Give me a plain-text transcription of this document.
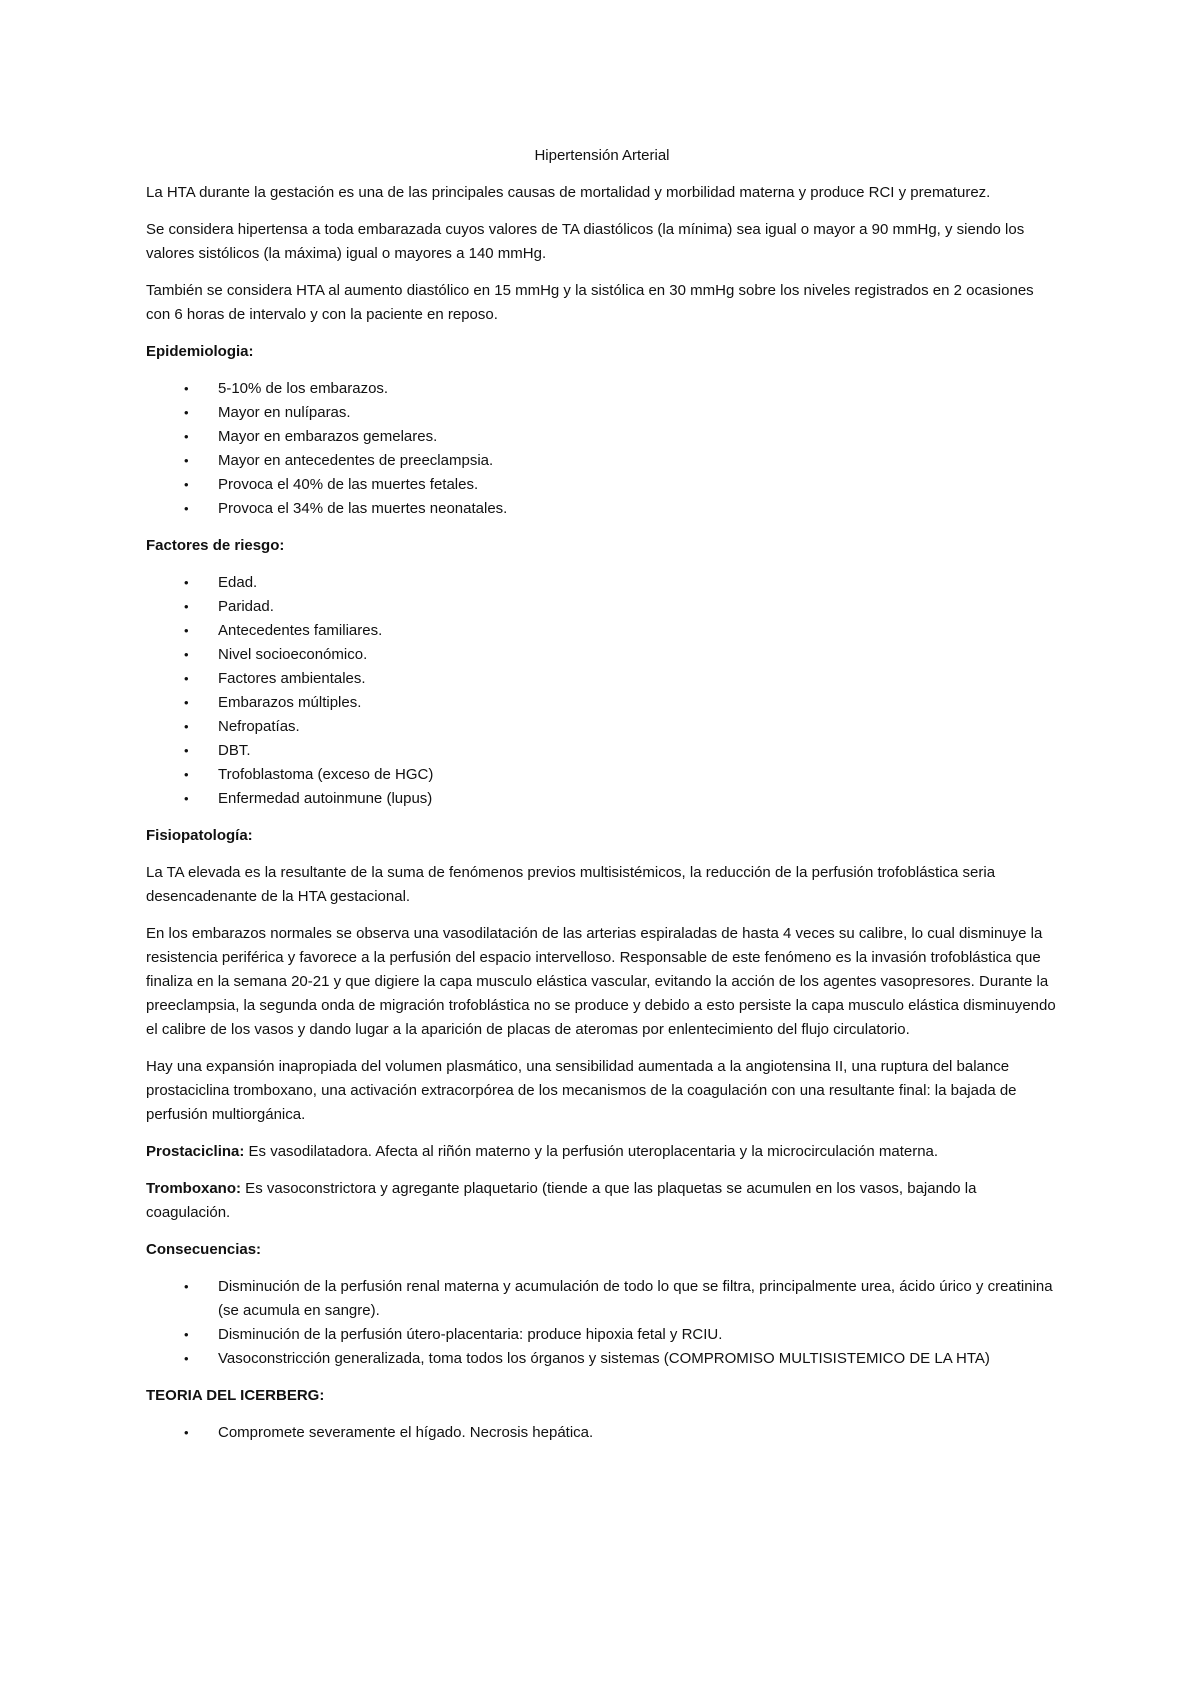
Hipertensión Arterial

La HTA durante la gestación es una de las principales causas de mortalidad y morbilidad materna y produce RCI y prematurez.

Se considera hipertensa a toda embarazada cuyos valores de TA diastólicos (la mínima) sea igual o mayor a 90 mmHg, y siendo los valores sistólicos (la máxima) igual o mayores a 140 mmHg.

También se considera HTA al aumento diastólico en 15 mmHg y la sistólica en 30 mmHg sobre los niveles registrados en 2 ocasiones con 6 horas de intervalo y con la paciente en reposo.

Epidemiologia:
• 5-10% de los embarazos.
• Mayor en nulíparas.
• Mayor en embarazos gemelares.
• Mayor en antecedentes de preeclampsia.
• Provoca el 40% de las muertes fetales.
• Provoca el 34% de las muertes neonatales.
Factores de riesgo:
• Edad.
• Paridad.
• Antecedentes familiares.
• Nivel socioeconómico.
• Factores ambientales.
• Embarazos múltiples.
• Nefropatías.
• DBT.
• Trofoblastoma (exceso de HGC)
• Enfermedad autoinmune (lupus)
Fisiopatología:

La TA elevada es la resultante de la suma de fenómenos previos multisistémicos, la reducción de la perfusión trofoblástica seria desencadenante de la HTA gestacional.

En los embarazos normales se observa una vasodilatación de las arterias espiraladas de hasta 4 veces su calibre, lo cual disminuye la resistencia periférica y favorece a la perfusión del espacio intervelloso. Responsable de este fenómeno es la invasión trofoblástica que finaliza en la semana 20-21 y que digiere la capa musculo elástica vascular, evitando la acción de los agentes vasopresores. Durante la preeclampsia, la segunda onda de migración trofoblástica no se produce y debido a esto persiste la capa musculo elástica disminuyendo el calibre de los vasos y dando lugar a la aparición de placas de ateromas por enlentecimiento del flujo circulatorio.

Hay una expansión inapropiada del volumen plasmático, una sensibilidad aumentada a la angiotensina II, una ruptura del balance prostaciclina tromboxano, una activación extracorpórea de los mecanismos de la coagulación con una resultante final: la bajada de perfusión multiorgánica.

Prostaciclina: Es vasodilatadora. Afecta al riñón materno y la perfusión uteroplacentaria y la microcirculación materna.

Tromboxano: Es vasoconstrictora y agregante plaquetario (tiende a que las plaquetas se acumulen en los vasos, bajando la coagulación.

Consecuencias:
• Disminución de la perfusión renal materna y acumulación de todo lo que se filtra, principalmente urea, ácido úrico y creatinina (se acumula en sangre).
• Disminución de la perfusión útero-placentaria: produce hipoxia fetal y RCIU.
• Vasoconstricción generalizada, toma todos los órganos y sistemas (COMPROMISO MULTISISTEMICO DE LA HTA)
TEORIA DEL ICERBERG:
• Compromete severamente el hígado. Necrosis hepática.
